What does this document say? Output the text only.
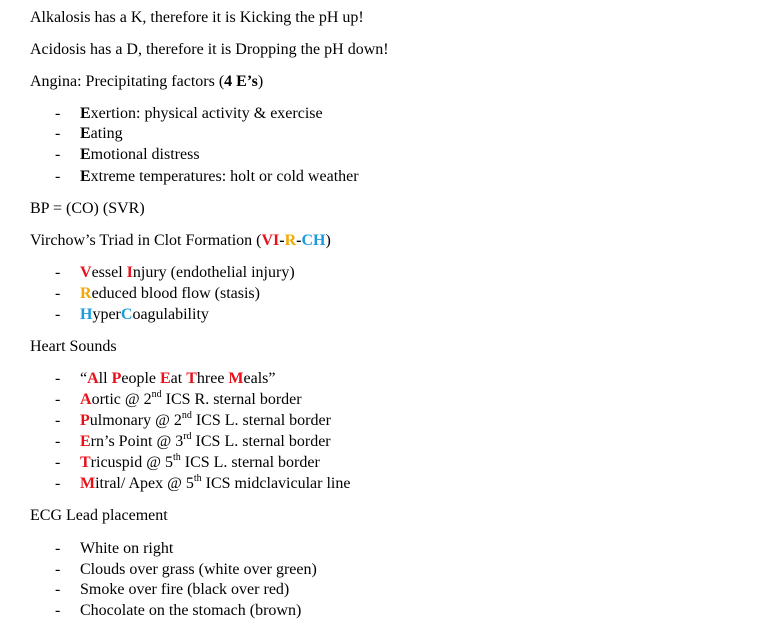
Alkalosis has a K, therefore it is Kicking the pH up!
Acidosis has a D, therefore it is Dropping the pH down!
Angina: Precipitating factors (4 E’s)
- Exertion: physical activity & exercise
- Eating
- Emotional distress
- Extreme temperatures: holt or cold weather
BP = (CO) (SVR)
Virchow’s Triad in Clot Formation (VI-R-CH)
- Vessel Injury (endothelial injury)
- Reduced blood flow (stasis)
- HyperCoagulability
Heart Sounds
- “All People Eat Three Meals”
- Aortic @ 2nd ICS R. sternal border
- Pulmonary @ 2nd ICS L. sternal border
- Ern’s Point @ 3rd ICS L. sternal border
- Tricuspid @ 5th ICS L. sternal border
- Mitral/ Apex @ 5th ICS midclavicular line
ECG Lead placement
- White on right
- Clouds over grass (white over green)
- Smoke over fire (black over red)
- Chocolate on the stomach (brown)
